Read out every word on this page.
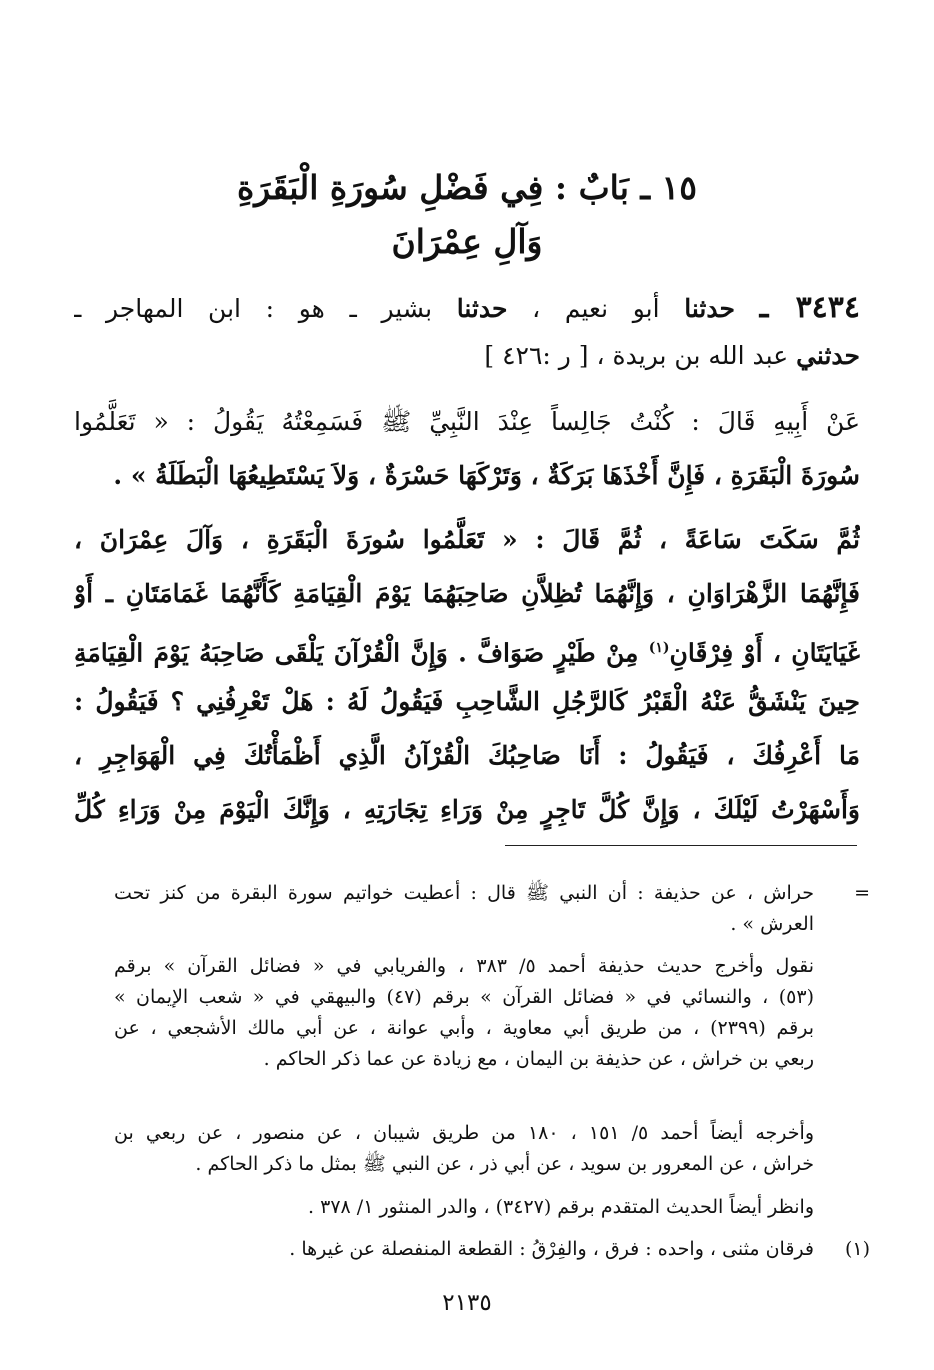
١٥ ـ بَابٌ : فِي فَضْلِ سُورَةِ الْبَقَرَةِ
وَآلِ عِمْرَانَ
٣٤٣٤ ـ حدثنا أبو نعيم ، حدثنا بشير ـ هو : ابن المهاجر ـ
حدثني عبد الله بن بريدة ، [ ر :٤٢٦ ]
عَنْ أَبِيهِ قَالَ : كُنْتُ جَالِساً عِنْدَ النَّبِيِّ ﷺ فَسَمِعْتُهُ يَقُولُ : « تَعَلَّمُوا
سُورَةَ الْبَقَرَةِ ، فَإِنَّ أَخْذَهَا بَرَكَةٌ ، وَتَرْكَهَا حَسْرَةٌ ، وَلاَ يَسْتَطِيعُهَا الْبَطَلَةُ » .
ثُمَّ سَكَتَ سَاعَةً ، ثُمَّ قَالَ : « تَعَلَّمُوا سُورَةَ الْبَقَرَةِ ، وَآلَ عِمْرَانَ ،
فَإِنَّهُمَا الزَّهْرَاوَانِ ، وَإِنَّهُمَا تُظِلاَّنِ صَاحِبَهُمَا يَوْمَ الْقِيَامَةِ كَأَنَّهُمَا غَمَامَتَانِ ـ أَوْ
غَيَايَتَانِ ، أَوْ فِرْقَانِ$^{(١)}$ مِنْ طَيْرٍ صَوَافَّ . وَإِنَّ الْقُرْآنَ يَلْقَى صَاحِبَهُ يَوْمَ الْقِيَامَةِ
حِينَ يَنْشَقُّ عَنْهُ الْقَبْرُ كَالرَّجُلِ الشَّاحِبِ فَيَقُولُ لَهُ : هَلْ تَعْرِفُنِي ؟ فَيَقُولُ :
مَا أَعْرِفُكَ ، فَيَقُولُ : أَنَا صَاحِبُكَ الْقُرْآنُ الَّذِي أَظْمَأْتُكَ فِي الْهَوَاجِرِ ،
وَأَسْهَرْتُ لَيْلَكَ ، وَإِنَّ كُلَّ تَاجِرٍ مِنْ وَرَاءِ تِجَارَتِهِ ، وَإِنَّكَ الْيَوْمَ مِنْ وَرَاءِ كُلِّ
=
حراش ، عن حذيفة : أن النبي ﷺ قال : أعطيت خواتيم سورة البقرة من كنز تحت
العرش » .
نقول وأخرج حديث حذيفة أحمد ٥/ ٣٨٣ ، والفريابي في « فضائل القرآن » برقم
(٥٣) ، والنسائي في « فضائل القرآن » برقم (٤٧) والبيهقي في « شعب الإيمان »
برقم (٢٣٩٩) ، من طريق أبي معاوية ، وأبي عوانة ، عن أبي مالك الأشجعي ، عن
ربعي بن خراش ، عن حذيفة بن اليمان ، مع زيادة عن عما ذكر الحاكم .
وأخرجه أيضاً أحمد ٥/ ١٥١ ، ١٨٠ من طريق شيبان ، عن منصور ، عن ربعي بن
خراش ، عن المعرور بن سويد ، عن أبي ذر ، عن النبي ﷺ بمثل ما ذكر الحاكم .
وانظر أيضاً الحديث المتقدم برقم (٣٤٢٧) ، والدر المنثور ١/ ٣٧٨ .
(١)
فرقان مثنى ، واحده : فرق ، والفِرْقُ : القطعة المنفصلة عن غيرها .
٢١٣٥
